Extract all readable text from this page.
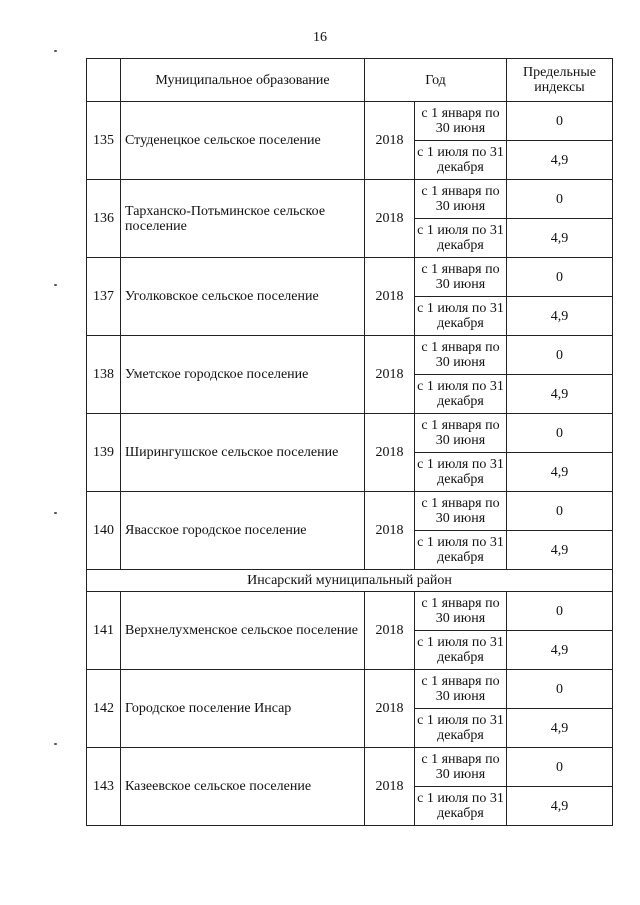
16
	Муниципальное образование	Год		Предельные индексы
135	Студенецкое сельское поселение	2018	с 1 января по 30 июня	0
			с 1 июля по 31 декабря	4,9
136	Тарханско-Потьминское сельское поселение	2018	с 1 января по 30 июня	0
			с 1 июля по 31 декабря	4,9
137	Уголковское сельское поселение	2018	с 1 января по 30 июня	0
			с 1 июля по 31 декабря	4,9
138	Уметское городское поселение	2018	с 1 января по 30 июня	0
			с 1 июля по 31 декабря	4,9
139	Ширингушское сельское поселение	2018	с 1 января по 30 июня	0
			с 1 июля по 31 декабря	4,9
140	Явасское городское поселение	2018	с 1 января по 30 июня	0
			с 1 июля по 31 декабря	4,9
Инсарский муниципальный район				
141	Верхнелухменское сельское поселение	2018	с 1 января по 30 июня	0
			с 1 июля по 31 декабря	4,9
142	Городское поселение Инсар	2018	с 1 января по 30 июня	0
			с 1 июля по 31 декабря	4,9
143	Казеевское сельское поселение	2018	с 1 января по 30 июня	0
			с 1 июля по 31 декабря	4,9
